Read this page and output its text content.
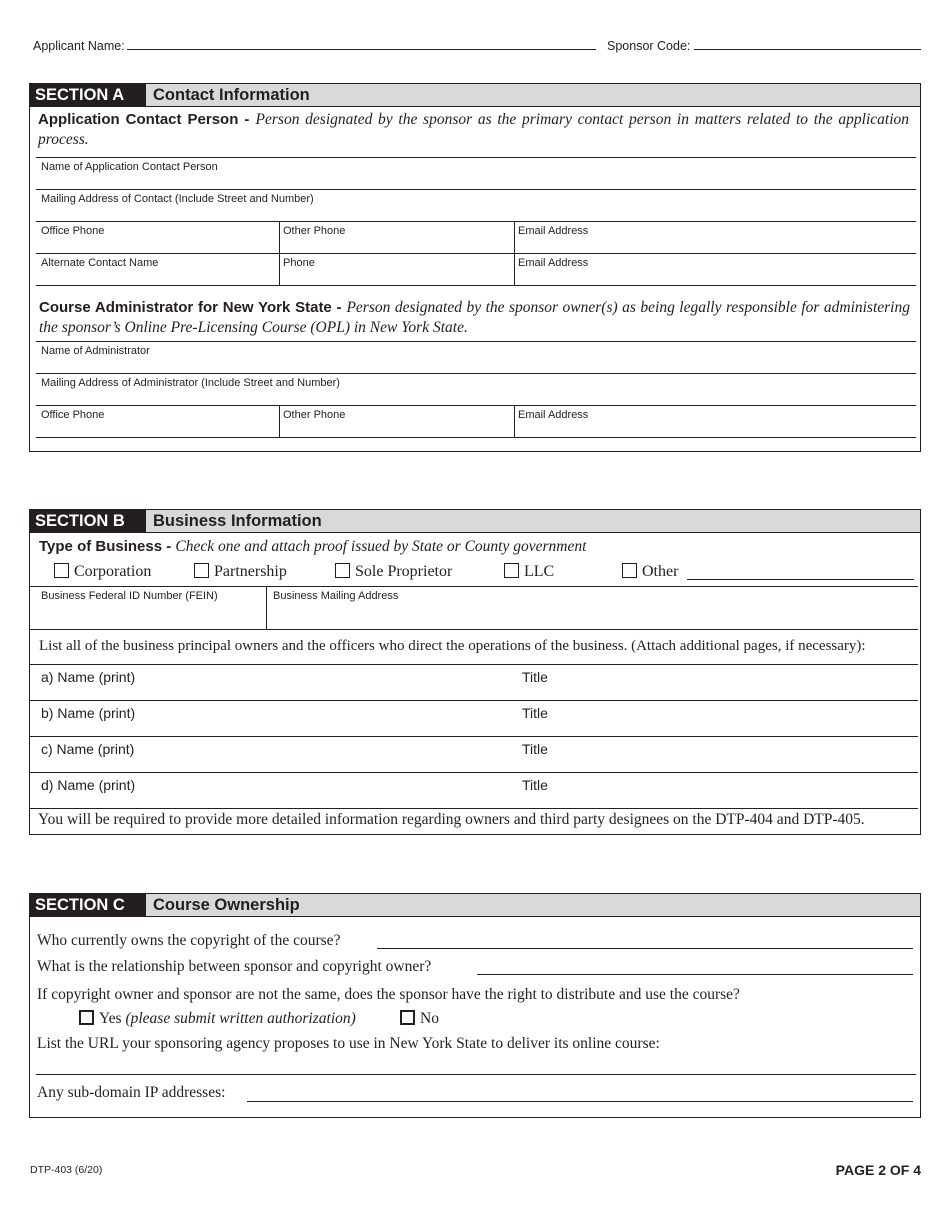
Applicant Name:	Sponsor Code:
SECTION A	Contact Information
Application Contact Person - Person designated by the sponsor as the primary contact person in matters related to the application process.
Name of Application Contact Person
Mailing Address of Contact (Include Street and Number)
Office Phone	Other Phone	Email Address
Alternate Contact Name	Phone	Email Address
Course Administrator for New York State - Person designated by the sponsor owner(s) as being legally responsible for administering the sponsor’s Online Pre-Licensing Course (OPL) in New York State.
Name of Administrator
Mailing Address of Administrator (Include Street and Number)
Office Phone	Other Phone	Email Address
SECTION B	Business Information
Type of Business - Check one and attach proof issued by State or County government
Corporation	Partnership	Sole Proprietor	LLC	Other
Business Federal ID Number (FEIN)	Business Mailing Address
List all of the business principal owners and the officers who direct the operations of the business. (Attach additional pages, if necessary):
a) Name (print)	Title
b) Name (print)	Title
c) Name (print)	Title
d) Name (print)	Title
You will be required to provide more detailed information regarding owners and third party designees on the DTP-404 and DTP-405.
SECTION C	Course Ownership
Who currently owns the copyright of the course?
What is the relationship between sponsor and copyright owner?
If copyright owner and sponsor are not the same, does the sponsor have the right to distribute and use the course?
Yes (please submit written authorization)	No
List the URL your sponsoring agency proposes to use in New York State to deliver its online course:
Any sub-domain IP addresses:
DTP-403 (6/20)	PAGE 2 OF 4
